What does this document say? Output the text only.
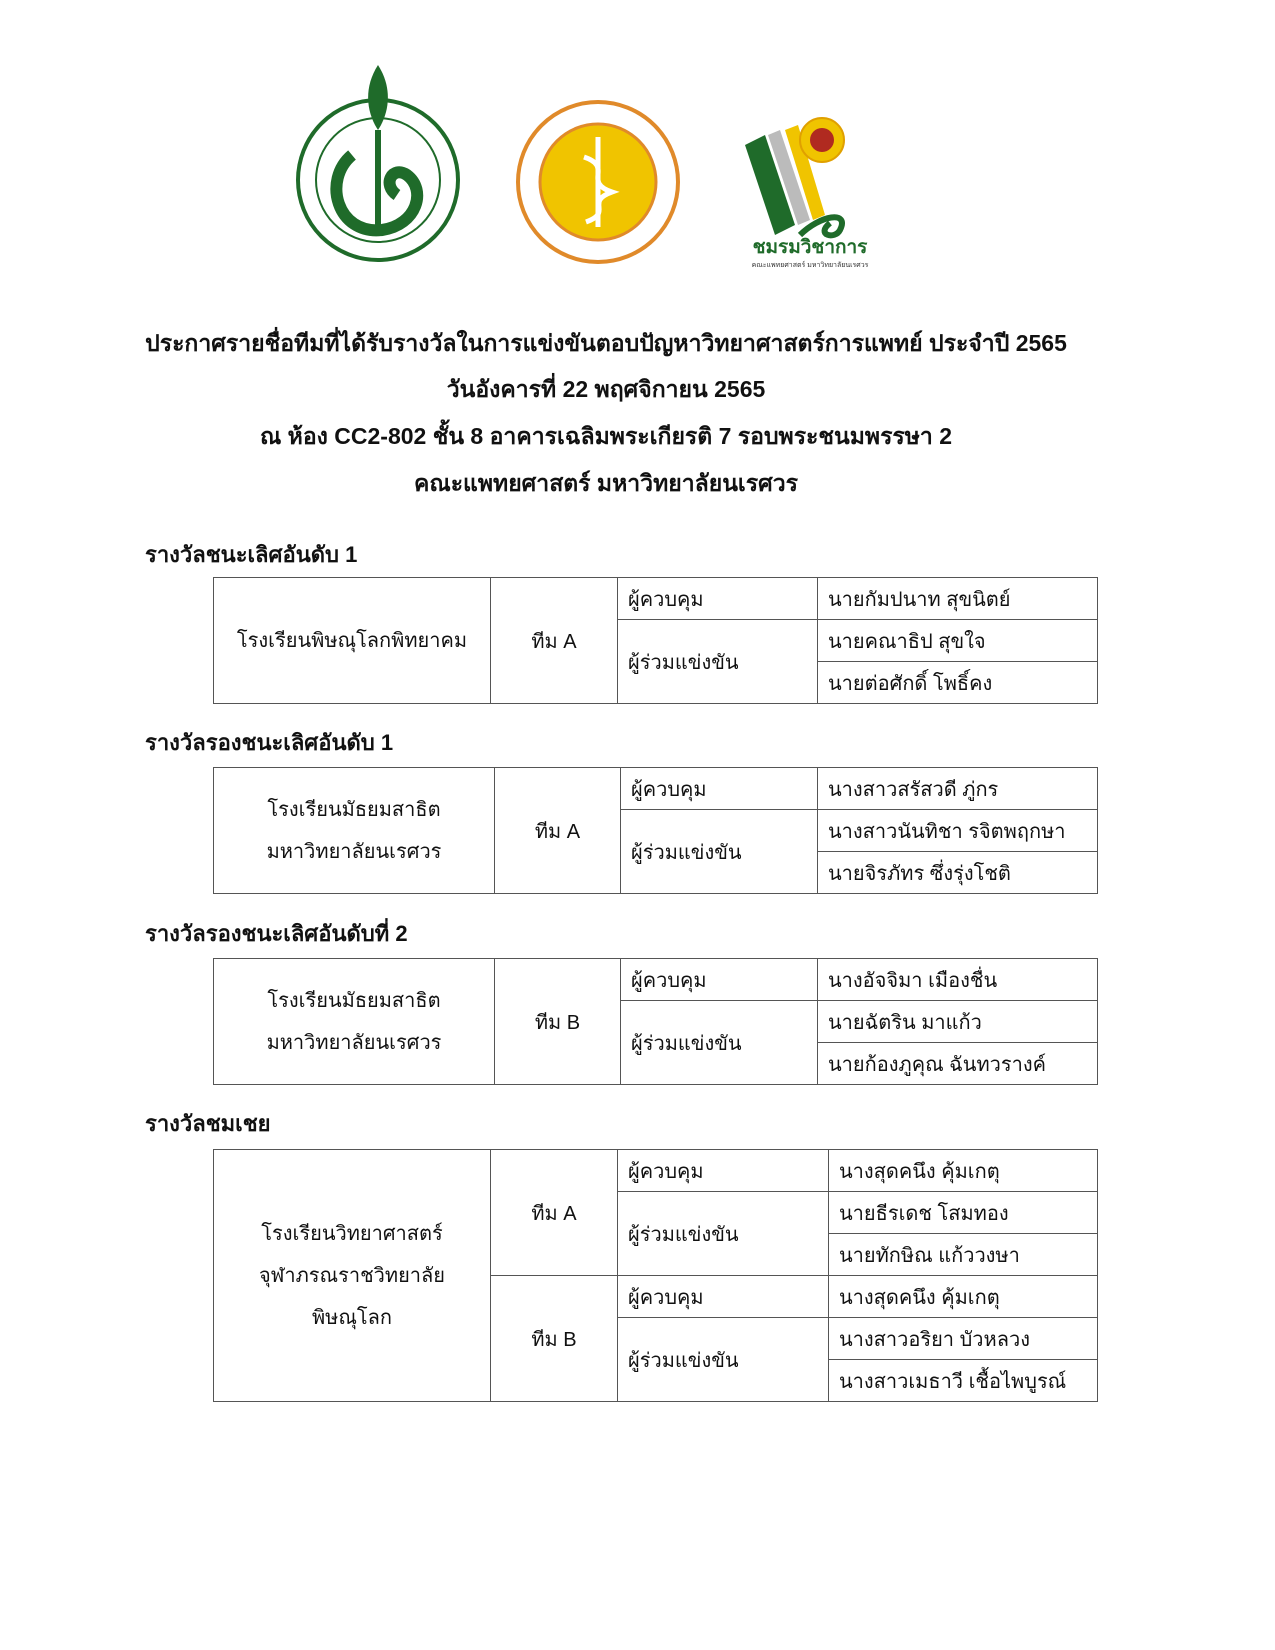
ชมรมวิชาการ
คณะแพทยศาสตร์ มหาวิทยาลัยนเรศวร
ประกาศรายชื่อทีมที่ได้รับรางวัลในการแข่งขันตอบปัญหาวิทยาศาสตร์การแพทย์ ประจำปี 2565
วันอังคารที่ 22 พฤศจิกายน 2565
ณ ห้อง CC2-802 ชั้น 8 อาคารเฉลิมพระเกียรติ 7 รอบพระชนมพรรษา 2
คณะแพทยศาสตร์ มหาวิทยาลัยนเรศวร
รางวัลชนะเลิศอันดับ 1
โรงเรียนพิษณุโลกพิทยาคม	ทีม A	ผู้ควบคุม	นายกัมปนาท สุขนิตย์
		ผู้ร่วมแข่งขัน	นายคณาธิป สุขใจ
			นายต่อศักดิ์ โพธิ์คง
รางวัลรองชนะเลิศอันดับ 1
โรงเรียนมัธยมสาธิต
มหาวิทยาลัยนเรศวร	ทีม A	ผู้ควบคุม	นางสาวสรัสวดี ภู่กร
		ผู้ร่วมแข่งขัน	นางสาวนันทิชา รจิตพฤกษา
			นายจิรภัทร ซึ่งรุ่งโชติ
รางวัลรองชนะเลิศอันดับที่ 2
โรงเรียนมัธยมสาธิต
มหาวิทยาลัยนเรศวร	ทีม B	ผู้ควบคุม	นางอัจจิมา เมืองชื่น
		ผู้ร่วมแข่งขัน	นายฉัตริน มาแก้ว
			นายก้องภูคุณ ฉันทวรางค์
รางวัลชมเชย
โรงเรียนวิทยาศาสตร์
จุฬาภรณราชวิทยาลัย
พิษณุโลก	ทีม A	ผู้ควบคุม	นางสุดคนึง คุ้มเกตุ
		ผู้ร่วมแข่งขัน	นายธีรเดช โสมทอง
			นายทักษิณ แก้ววงษา
	ทีม B	ผู้ควบคุม	นางสุดคนึง คุ้มเกตุ
		ผู้ร่วมแข่งขัน	นางสาวอริยา บัวหลวง
			นางสาวเมธาวี เชื้อไพบูรณ์
